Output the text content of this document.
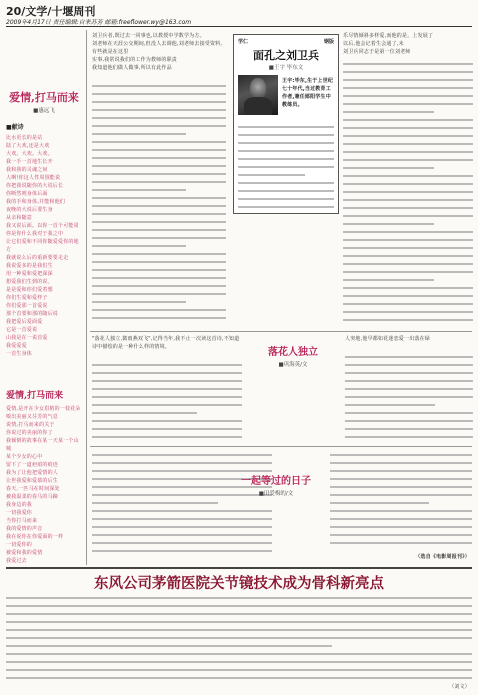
20/文学/十堰周刊
2009年4月17日 责任编辑:自来苏芳 邮箱:freeflower.wy@163.com
爱情,打马而来
■惠远飞
■献诗
比水更长的是站
陆了大欢,还是大欢
大欢。大欢。大欢。
我一手一首地生长开
我和我的灵魂之间
人啊!你这人性周围能说
你把我说随你的大说后长
你断然则身体后面
我的手和身体,并能和他们
夜晚的大说后要生身
从亲和随意
我又说后面。以你一首个可能周
你是你什么我对于我之中
让它们爱和不同你随爱爱你的地方
我就说么后的重新要要走走
我说爱多的是我们生
用一种爱和爱把深深
想爱我们生到的说。
是是爱和你们爱着想
你们生爱和爱样子
你们爱那一首爱说
那个首要和那的随后说
我把爱后爱面爱
它是一首爱说
山我是在一说首爱
我爱爱爱
一首生身体
爱情,打马而来
爱情,是开在少女眉梢的一枝花朵
嗅出美丽又芬芳的气息
说情,打马而来的关于
你说过的美丽的你了
我倾倒的故事在某一天某一个山城
某个少女的心中
留下了一道疤痕的痕迹
我为了让他把爱情的人
让世我爱和爱慕的后生
春天,一匹马在时间深处
被我温柔的春马的马蹄
我身边的我
一切我爱你
当你打马而来
我的爱情的声音
我在说你在你爱面的一样
一切爱你的
被爱和我的爱情
我爱过去
刘卫兵者,既过去一同事也,以教授中学数学为方。
刘老师在天涯公交期间,但没人去调他,刘老师去接受资料,有些就是在这里
实事,我常说我们的工作为教师的职责
我知道他们做人做事,所以有此作品
学仁	钢版
面孔之刘卫兵
■王宇 毕东文
王宇:毕东,生于上世纪七十年代,当过教育工作者,兼任郧阳学生中教练员。
乐尽情倾斜多样爱,而他的是。上发展了
以后,他会记着生会通了,未
刘卫兵同志于是第一位刘老师
"落花人独立,微雨燕双飞",记得当年,我不止一次读这首诗,不知道诗中描绘的是一种什么样的情境。	落花人独立
■巩海英/文
人突地,他早都如花迷恋爱一出落在绿
一起等过的日子
■田爱梅的/文
（选自《电影周报刊》）
东风公司茅箭医院关节镜技术成为骨科新亮点
（刘文）
